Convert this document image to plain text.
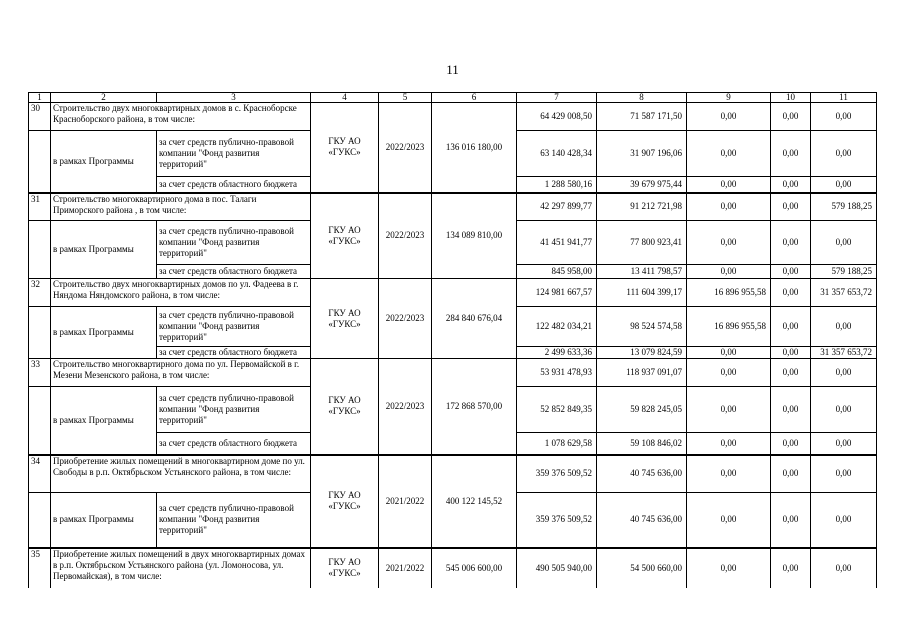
11
1	2	3	4	5	6	7	8	9	10	11
30	Строительство двух многоквартирных домов в с. Красноборске Красноборского района, в том числе:		ГКУ АО «ГУКС»	2022/2023	136 016 180,00	64 429 008,50	71 587 171,50	0,00	0,00	0,00
	в рамках Программы	за счет средств публично-правовой компании "Фонд развития территорий"				63 140 428,34	31 907 196,06	0,00	0,00	0,00
		за счет средств областного бюджета				1 288 580,16	39 679 975,44	0,00	0,00	0,00
31	Строительство многоквартирного дома в пос. Талаги Приморского района , в том числе:		ГКУ АО «ГУКС»	2022/2023	134 089 810,00	42 297 899,77	91 212 721,98	0,00	0,00	579 188,25
	в рамках Программы	за счет средств публично-правовой компании "Фонд развития территорий"				41 451 941,77	77 800 923,41	0,00	0,00	0,00
		за счет средств областного бюджета				845 958,00	13 411 798,57	0,00	0,00	579 188,25
32	Строительство двух многоквартирных домов по ул. Фадеева в г. Няндома Няндомского района, в том числе:		ГКУ АО «ГУКС»	2022/2023	284 840 676,04	124 981 667,57	111 604 399,17	16 896 955,58	0,00	31 357 653,72
	в рамках Программы	за счет средств публично-правовой компании "Фонд развития территорий"				122 482 034,21	98 524 574,58	16 896 955,58	0,00	0,00
		за счет средств областного бюджета				2 499 633,36	13 079 824,59	0,00	0,00	31 357 653,72
33	Строительство многоквартирного дома по ул. Первомайской в г. Мезени Мезенского района, в том числе:		ГКУ АО «ГУКС»	2022/2023	172 868 570,00	53 931 478,93	118 937 091,07	0,00	0,00	0,00
	в рамках Программы	за счет средств публично-правовой компании "Фонд развития территорий"				52 852 849,35	59 828 245,05	0,00	0,00	0,00
		за счет средств областного бюджета				1 078 629,58	59 108 846,02	0,00	0,00	0,00
34	Приобретение жилых помещений в многоквартирном доме по ул. Свободы в р.п. Октябрьском Устьянского района, в том числе:		ГКУ АО «ГУКС»	2021/2022	400 122 145,52	359 376 509,52	40 745 636,00	0,00	0,00	0,00
	в рамках Программы	за счет средств публично-правовой компании "Фонд развития территорий"				359 376 509,52	40 745 636,00	0,00	0,00	0,00
35	Приобретение жилых помещений в двух многоквартирных домах в р.п. Октябрьском Устьянского района (ул. Ломоносова, ул. Первомайская), в том числе:		ГКУ АО «ГУКС»	2021/2022	545 006 600,00	490 505 940,00	54 500 660,00	0,00	0,00	0,00
